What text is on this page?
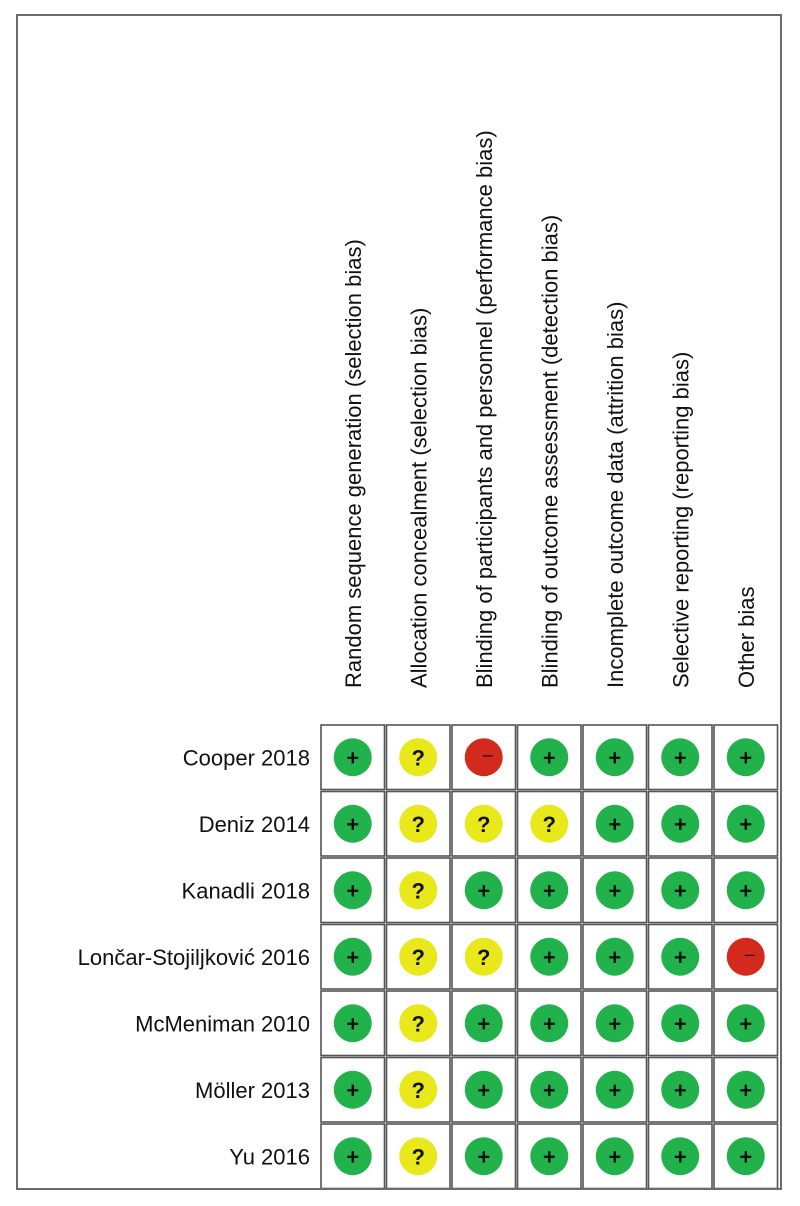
Random sequence generation (selection bias) Allocation concealment (selection bias) Blinding of participants and personnel (performance bias) Blinding of outcome assessment (detection bias) Incomplete outcome data (attrition bias) Selective reporting (reporting bias) Other bias
Cooper 2018
Deniz 2014
Kanadli 2018
Lončar-Stojiljković 2016
McMeniman 2010
Möller 2013
Yu 2016
+ ?	– + + + +
+ ? ? ? + + +
+ ? + + + + +
+ ? ? + + +	–
+ ? + + + + +
+ ? + + + + +
+ ? + + + + +
